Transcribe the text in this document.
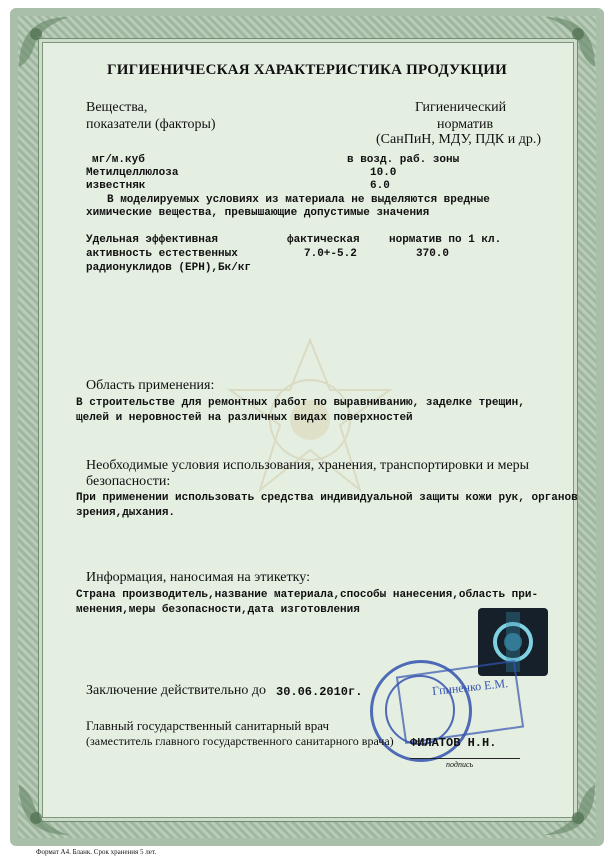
ГИГИЕНИЧЕСКАЯ ХАРАКТЕРИСТИКА ПРОДУКЦИИ
Вещества,
показатели (факторы)
Гигиенический
норматив
(СанПиН, МДУ, ПДК и др.)
мг/м.куб	в возд. раб. зоны
Метилцеллюлоза	10.0
известняк	6.0
В моделируемых условиях из материала не выделяются вредные
химические вещества, превышающие допустимые значения
Удельная эффективная
активность естественных
радионуклидов (ЕРН),Бк/кг
фактическая	норматив по 1 кл.
7.0+-5.2	370.0
Область применения:
В строительстве для ремонтных работ по выравниванию, заделке трещин,
щелей и неровностей на различных видах поверхностей
Необходимые условия использования, хранения, транспортировки и меры
безопасности:
При применении использовать средства индивидуальной защиты кожи рук, органов
зрения,дыхания.
Информация, наносимая на этикетку:
Страна производитель,название материала,способы нанесения,область при-
менения,меры безопасности,дата изготовления
Заключение действительно до 30.06.2010г.	Гпиненко Е.М.
Главный государственный санитарный врач
(заместитель главного государственного санитарного врача) ФИЛАТОВ Н.Н.
подпись
Формат А4. Бланк. Срок хранения 5 лет.
